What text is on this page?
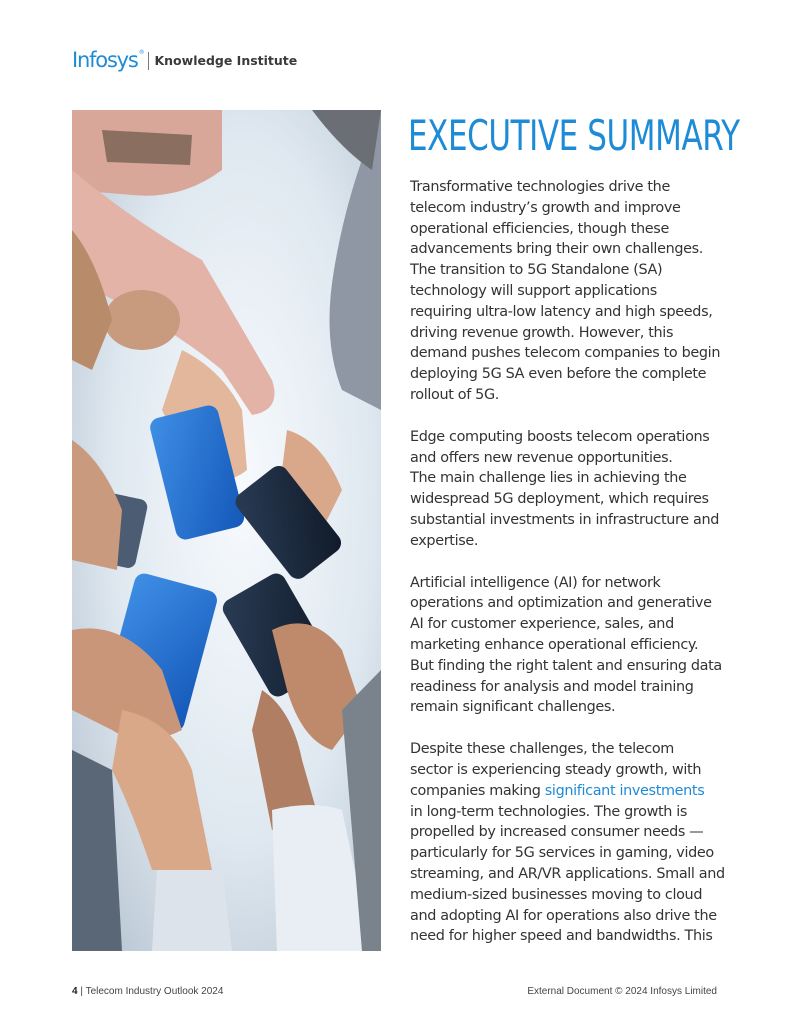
Infosys®
Knowledge Institute
EXECUTIVE SUMMARY

Transformative technologies drive the
telecom industry’s growth and improve
operational efficiencies, though these
advancements bring their own challenges.
The transition to 5G Standalone (SA)
technology will support applications
requiring ultra-low latency and high speeds,
driving revenue growth. However, this
demand pushes telecom companies to begin
deploying 5G SA even before the complete
rollout of 5G.

Edge computing boosts telecom operations
and offers new revenue opportunities.
The main challenge lies in achieving the
widespread 5G deployment, which requires
substantial investments in infrastructure and
expertise.

Artificial intelligence (AI) for network
operations and optimization and generative
AI for customer experience, sales, and
marketing enhance operational efficiency.
But finding the right talent and ensuring data
readiness for analysis and model training
remain significant challenges.

Despite these challenges, the telecom
sector is experiencing steady growth, with
companies making significant investments
in long-term technologies. The growth is
propelled by increased consumer needs —
particularly for 5G services in gaming, video
streaming, and AR/VR applications. Small and
medium-sized businesses moving to cloud
and adopting AI for operations also drive the
need for higher speed and bandwidths. This

4 | Telecom Industry Outlook 2024	External Document © 2024 Infosys Limited
